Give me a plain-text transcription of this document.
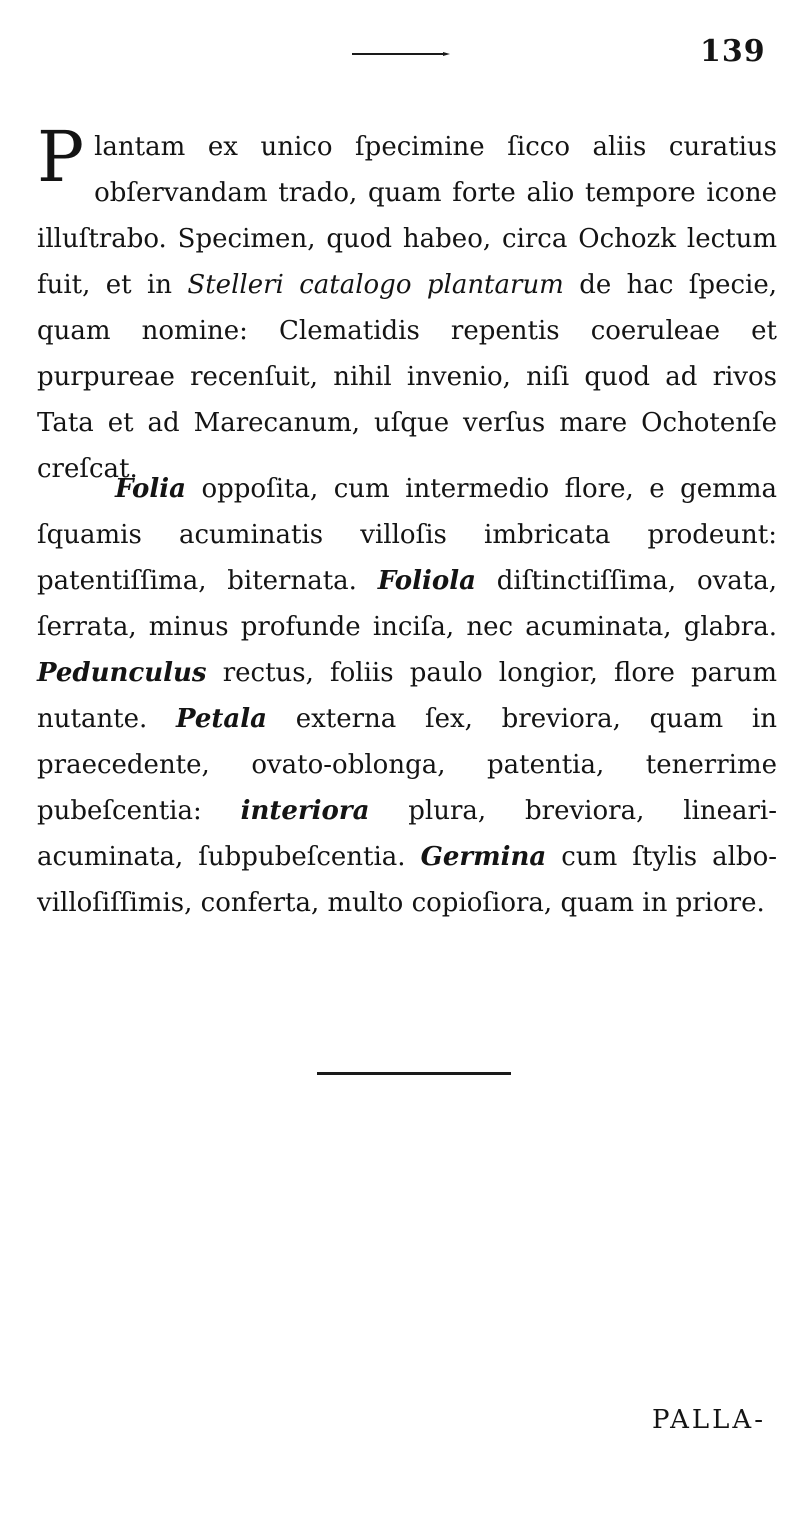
139

Plantam ex unico ſpecimine ſicco aliis curatius obſervandam trado, quam forte alio tempore icone illuſtrabo. Specimen, quod habeo, circa Ochozk lectum fuit, et in Stelleri catalogo plantarum de hac ſpecie, quam nomine: Clematidis repentis coeruleae et purpureae recenſuit, nihil invenio, niſi quod ad rivos Tata et ad Marecanum, uſque verſus mare Ochotenſe creſcat.

Folia oppoſita, cum intermedio flore, e gemma ſquamis acuminatis villoſis imbricata prodeunt: patentiſſima, biternata. Foliola diſtinctiſſima, ovata, ſerrata, minus profunde inciſa, nec acuminata, glabra. Pedunculus rectus, foliis paulo longior, flore parum nutante. Petala externa ſex, breviora, quam in praecedente, ovato-oblonga, patentia, tenerrime pubeſcentia: interiora plura, breviora, lineari-acuminata, ſubpubeſcentia. Germina cum ſtylis albo-villoſiſſimis, conferta, multo copioſiora, quam in priore.

PALLA-
